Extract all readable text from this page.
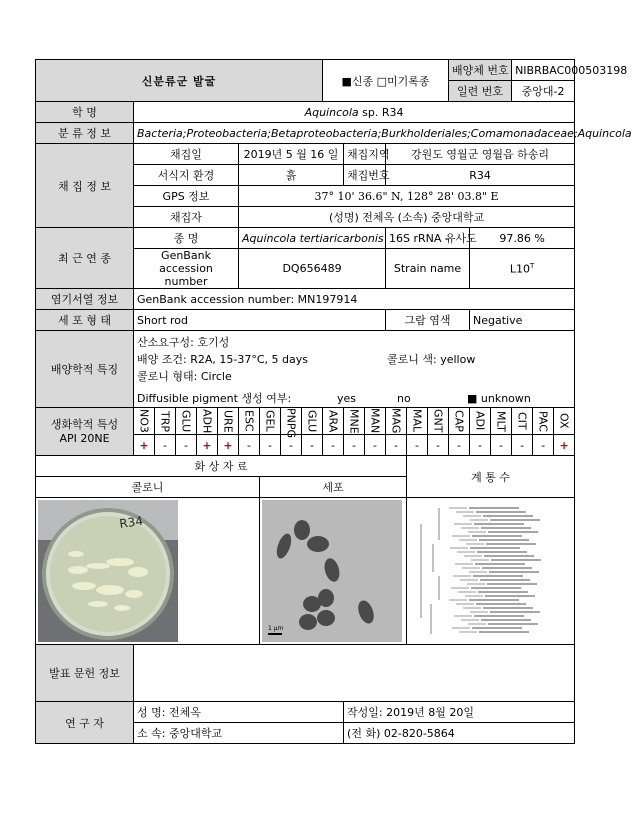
신분류군 발굴										■신종 □미기록종						배양체 번호			NIBRBAC000503198		
																일련 번호			중앙대-2		
학 명	Aquincola sp. R34																				
분 류 정 보	Bacteria;Proteobacteria;Betaproteobacteria;Burkholderiales;Comamonadaceae;Aquincola																				
채 집 정 보	채집일					2019년 5 월 16 일					채집지역		강원도 영월군 영월읍 하송리								
	서식지 환경					흙					채집번호		R34								
	GPS 정보					37° 10' 36.6" N, 128° 28' 03.8" E															
	채집자					(성명) 전체옥 (소속) 중앙대학교															
최 근 연 종	종 명					Aquincola tertiaricarbonis							16S rRNA 유사도				97.86 %				
	GenBank accession number					DQ656489							Strain name				$L10^T$
염기서열 정보	GenBank accession number: MN197914																				
세 포 형 태	Short rod												그람 염색				Negative				
배양학적 특징	산소요구성: 호기성
배양 조건: R2A, 15-37°C, 5 days 콜로니 색: yellow
콜로니 형태: Circle
Diffusible pigment 생성 여부: yes no ■ unknown																				

생화학적 특성
API 20NE	NO3	TRP	GLU	ADH	URE	ESC	GEL	PNPG	GLU	ARA	MNE	MAN	MAG	MAL	GNT	CAP	ADI	MLT	CIT	PAC	OX
	+	-	-	+	+	-	-	-	-	-	-	-	-	-	-	-	-	-	-	-	+
화 상 자 료														계 통 수							
콜로니							세포														

R34							1 μm

발표 문헌 정보																					
연 구 자	성 명: 전체옥										작성일: 2019년 8월 20일										
	소 속: 중앙대학교										(전 화) 02-820-5864										
